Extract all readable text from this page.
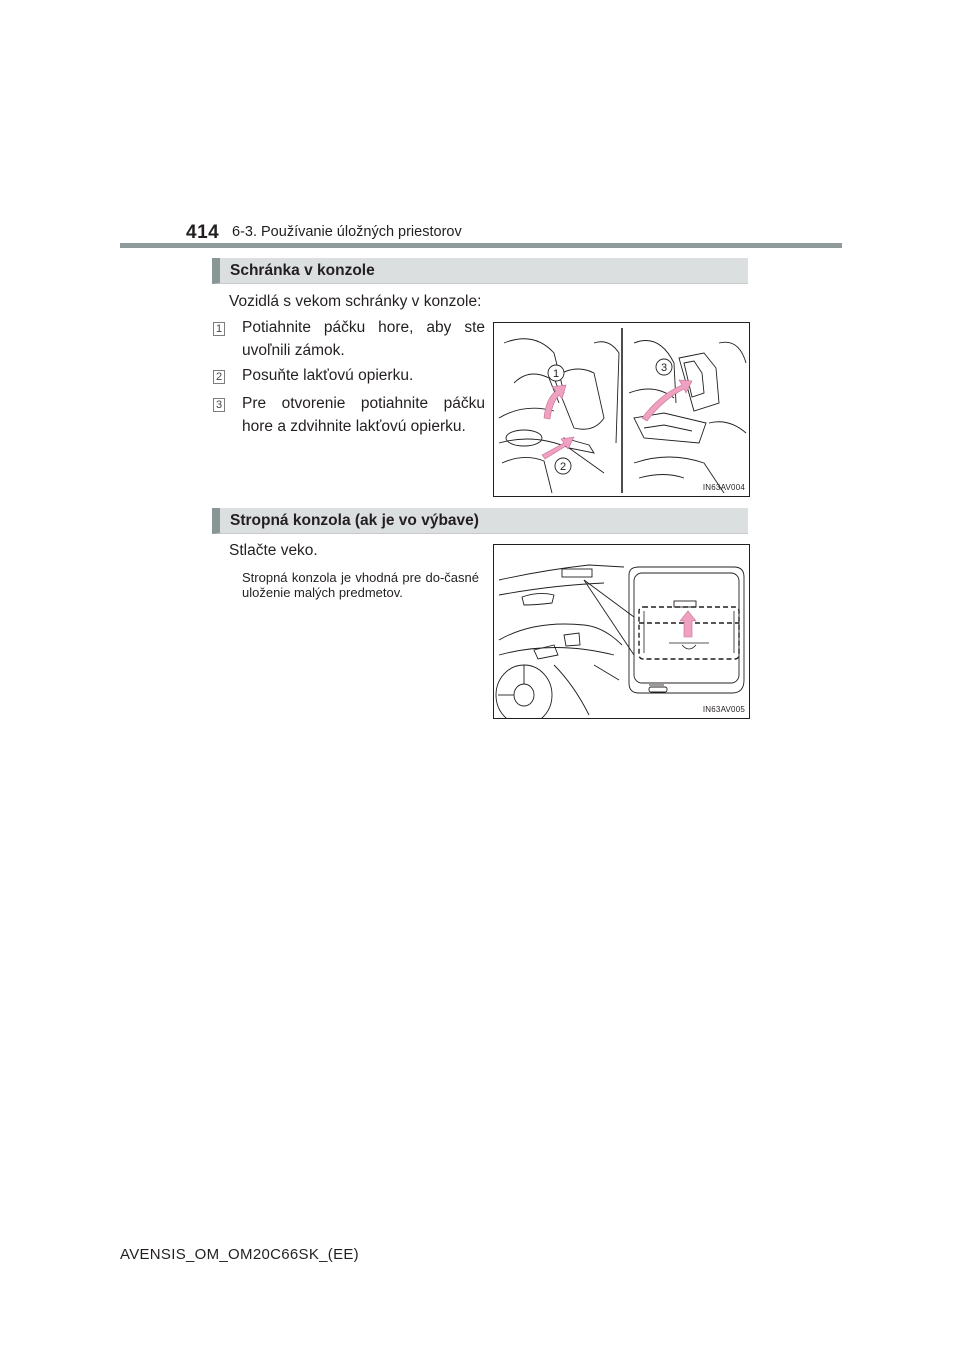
414 6-3. Používanie úložných priestorov
Schránka v konzole
Vozidlá s vekom schránky v konzole:
1 Potiahnite páčku hore, aby ste uvoľnili zámok.
2 Posuňte lakťovú opierku.
3 Pre otvorenie potiahnite páčku hore a zdvihnite lakťovú opierku.
1
2
3
IN63AV004
Stropná konzola (ak je vo výbave)
Stlačte veko.
Stropná konzola je vhodná pre do-časné uloženie malých predmetov.
IN63AV005
AVENSIS_OM_OM20C66SK_(EE)
